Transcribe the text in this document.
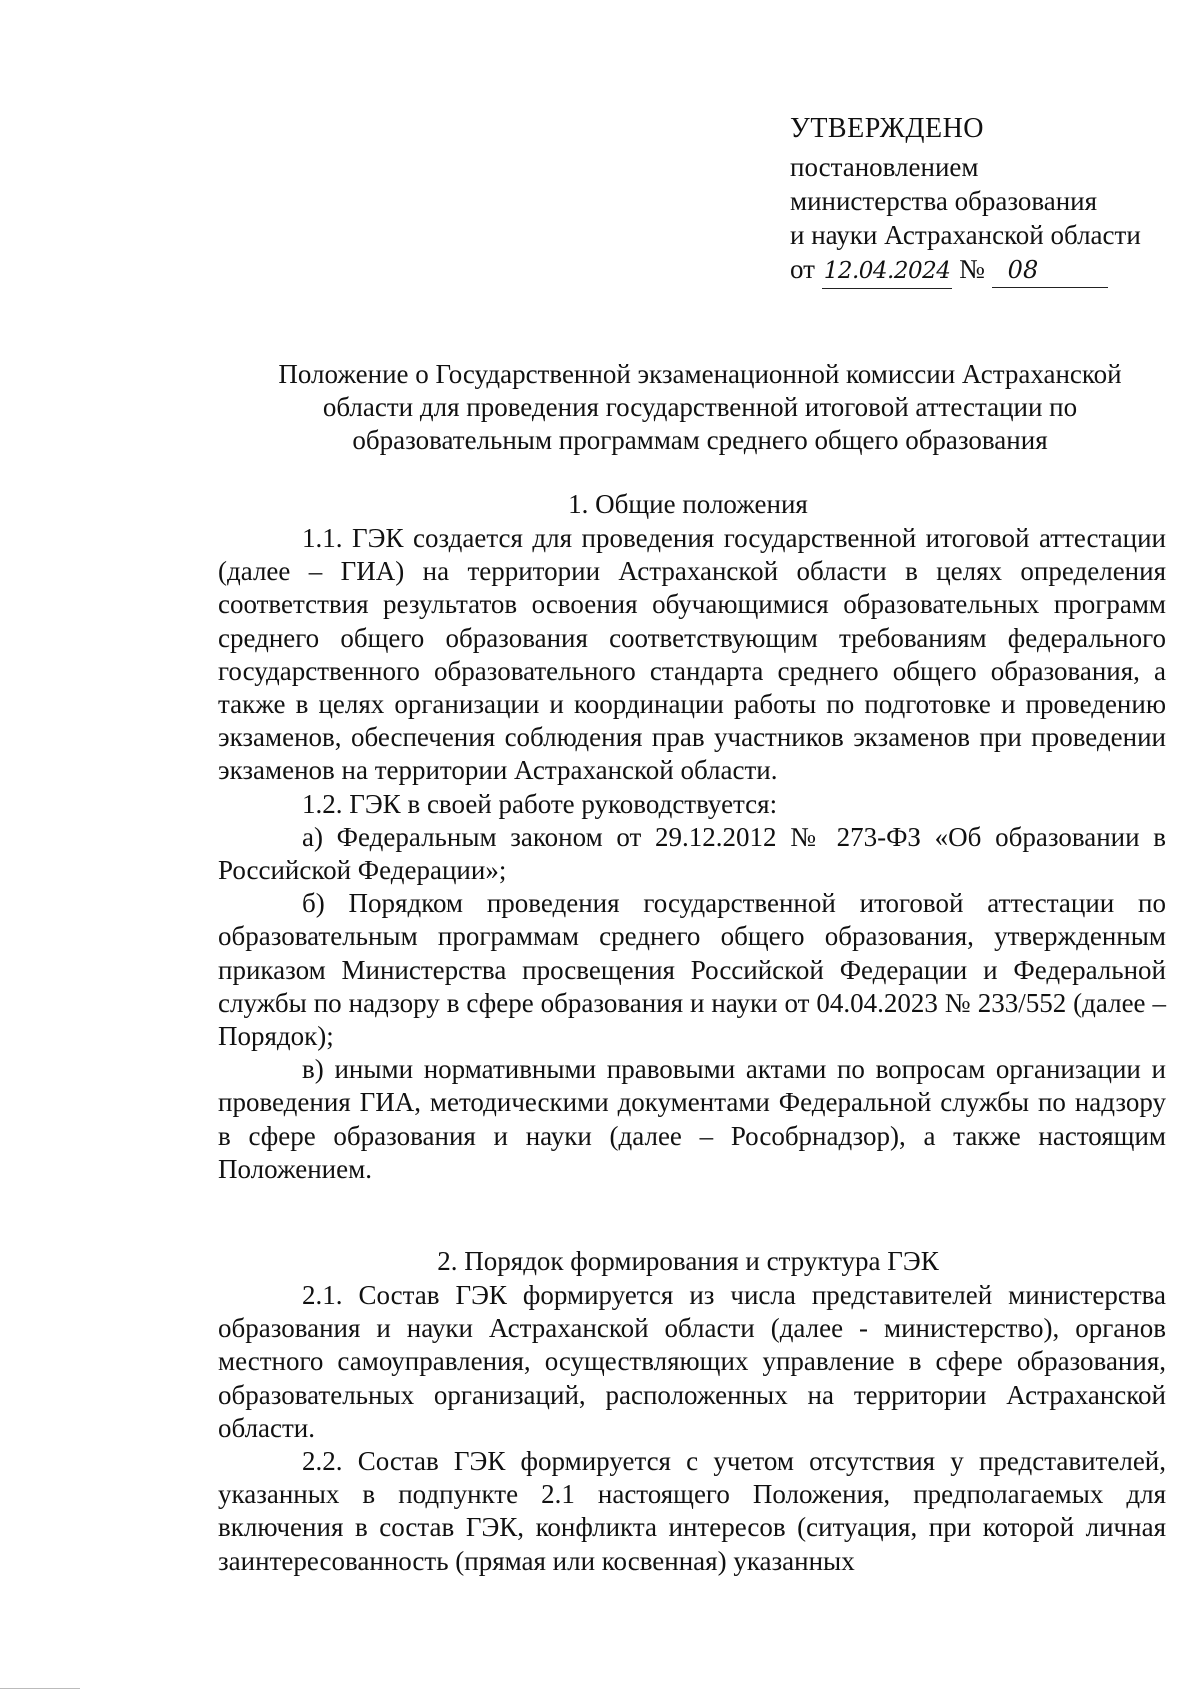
УТВЕРЖДЕНО
постановлением
министерства образования
и науки Астраханской области
от 12.04.2024 № 08
Положение о Государственной экзаменационной комиссии Астраханской области для проведения государственной итоговой аттестации по образовательным программам среднего общего образования
1. Общие положения

1.1. ГЭК создается для проведения государственной итоговой аттестации (далее – ГИА) на территории Астраханской области в целях определения соответствия результатов освоения обучающимися образовательных программ среднего общего образования соответствующим требованиям федерального государственного образовательного стандарта среднего общего образования, а также в целях организации и координации работы по подготовке и проведению экзаменов, обеспечения соблюдения прав участников экзаменов при проведении экзаменов на территории Астраханской области.

1.2. ГЭК в своей работе руководствуется:

а) Федеральным законом от 29.12.2012 № 273-ФЗ «Об образовании в Российской Федерации»;

б) Порядком проведения государственной итоговой аттестации по образовательным программам среднего общего образования, утвержденным приказом Министерства просвещения Российской Федерации и Федеральной службы по надзору в сфере образования и науки от 04.04.2023 № 233/552 (далее – Порядок);

в) иными нормативными правовыми актами по вопросам организации и проведения ГИА, методическими документами Федеральной службы по надзору в сфере образования и науки (далее – Рособрнадзор), а также настоящим Положением.

2. Порядок формирования и структура ГЭК

2.1. Состав ГЭК формируется из числа представителей министерства образования и науки Астраханской области (далее - министерство), органов местного самоуправления, осуществляющих управление в сфере образования, образовательных организаций, расположенных на территории Астраханской области.

2.2. Состав ГЭК формируется с учетом отсутствия у представителей, указанных в подпункте 2.1 настоящего Положения, предполагаемых для включения в состав ГЭК, конфликта интересов (ситуация, при которой личная заинтересованность (прямая или косвенная) указанных
